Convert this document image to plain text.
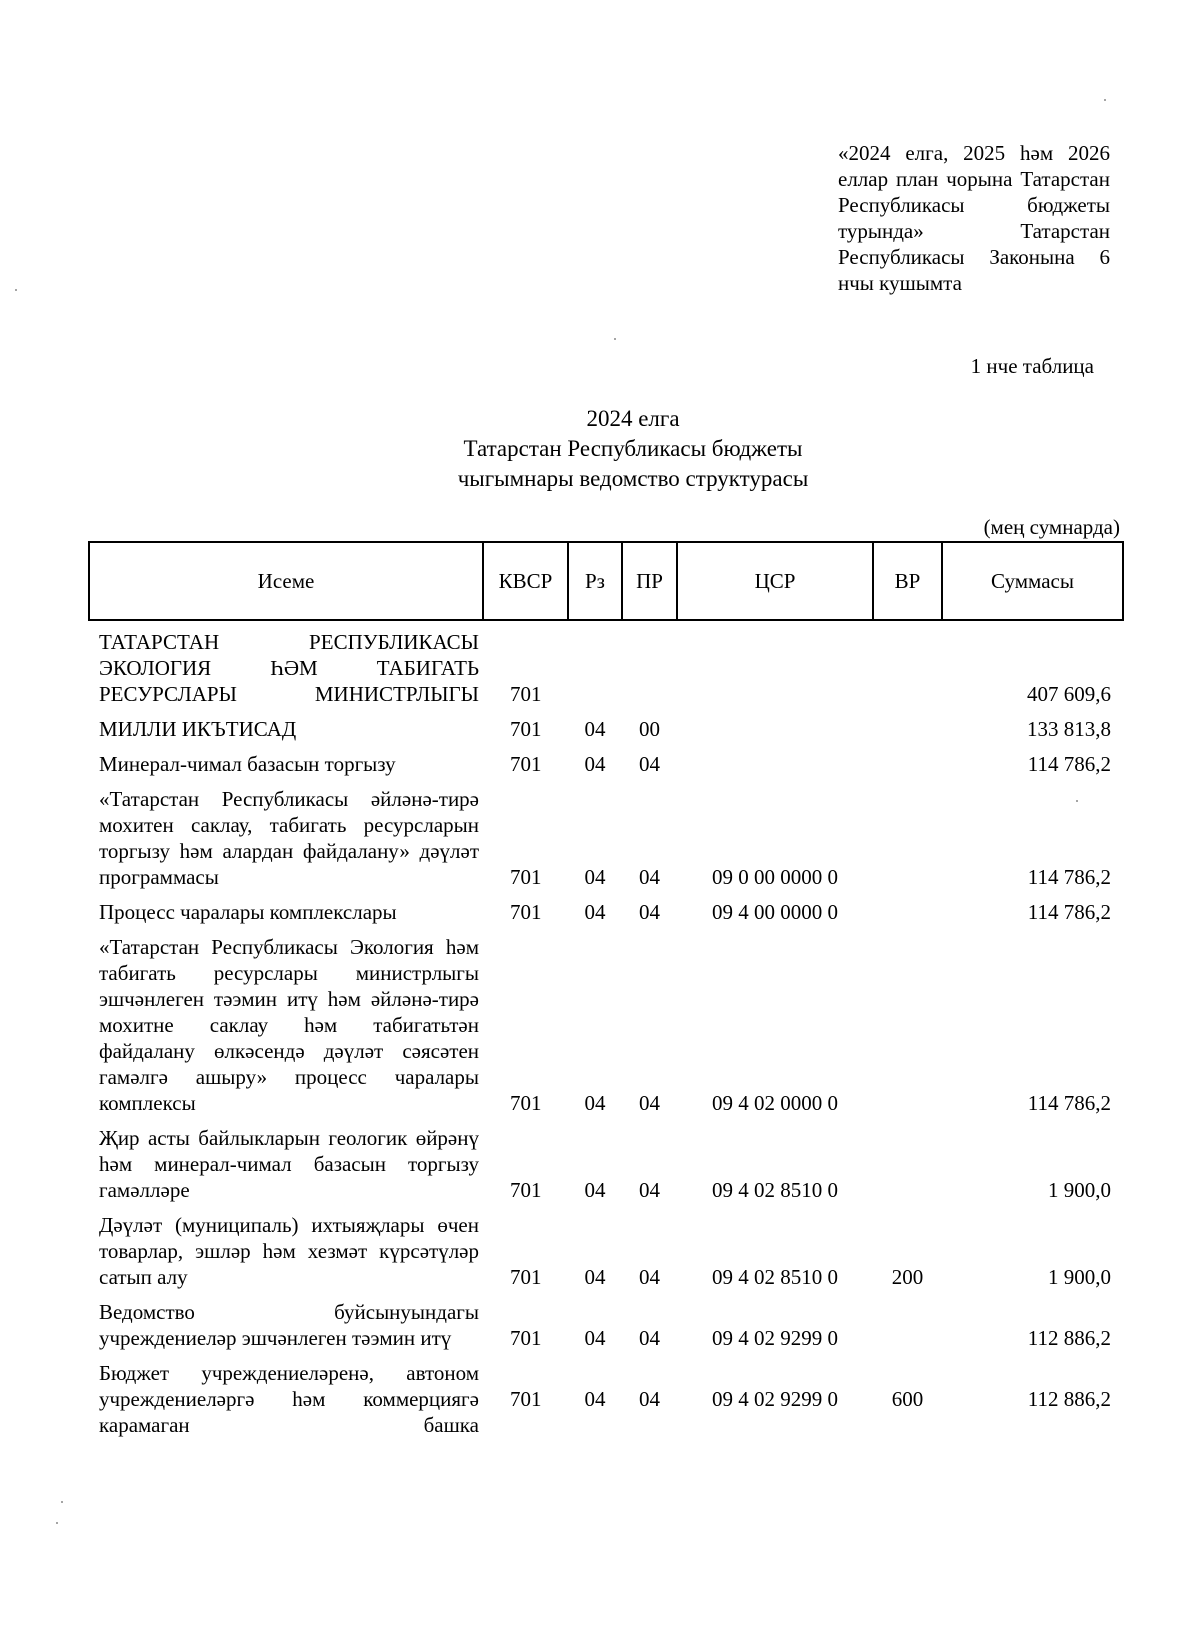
«2024 елга, 2025 һәм 2026 еллар план чорына Татарстан Республикасы бюджеты турында» Татарстан Республикасы Законына 6 нчы кушымта
1 нче таблица
2024 елга
Татарстан Республикасы бюджеты
чыгымнары ведомство структурасы
(мең сумнарда)
Исеме	КВСР	Рз	ПР	ЦСР	ВР	Суммасы
ТАТАРСТАН РЕСПУБЛИКАСЫ ЭКОЛОГИЯ ҺӘМ ТАБИГАТЬ РЕСУРСЛАРЫ МИНИСТРЛЫГЫ	701					407 609,6
МИЛЛИ ИКЪТИСАД	701	04	00			133 813,8
Минерал-чимал базасын торгызу	701	04	04			114 786,2
«Татарстан Республикасы әйләнә-тирә мохитен саклау, табигать ресурсларын торгызу һәм алардан файдалану» дәүләт программасы	701	04	04	09 0 00 0000 0		114 786,2
Процесс чаралары комплекслары	701	04	04	09 4 00 0000 0		114 786,2
«Татарстан Республикасы Экология һәм табигать ресурслары министрлыгы эшчәнлеген тәэмин итү һәм әйләнә-тирә мохитне саклау һәм табигатьтән файдалану өлкәсендә дәүләт сәясәтен гамәлгә ашыру» процесс чаралары комплексы	701	04	04	09 4 02 0000 0		114 786,2
Җир асты байлыкларын геологик өйрәнү һәм минерал-чимал базасын торгызу гамәлләре	701	04	04	09 4 02 8510 0		1 900,0
Дәүләт (муниципаль) ихтыяҗлары өчен товарлар, эшләр һәм хезмәт күрсәтүләр сатып алу	701	04	04	09 4 02 8510 0	200	1 900,0
Ведомство буйсынуындагы учреждениеләр эшчәнлеген тәэмин итү	701	04	04	09 4 02 9299 0		112 886,2
Бюджет учреждениеләренә, автоном учреждениеләргә һәм коммерциягә карамаган башка	701	04	04	09 4 02 9299 0	600	112 886,2
